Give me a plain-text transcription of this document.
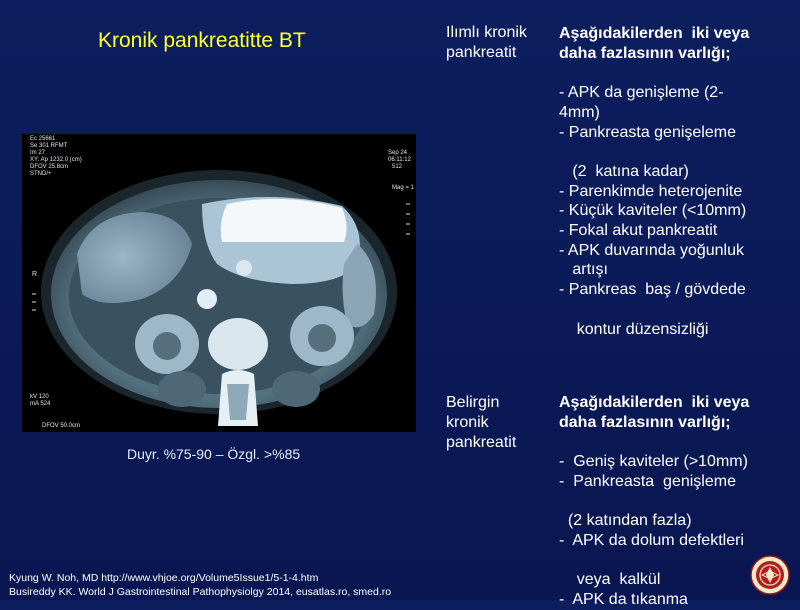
Kronik pankreatitte BT
Ec 25661
Se 301 RFMT
Im 27
XY: Ap 1232.0 (cm)
DFOV 25.8cm
STND/+
Sep 24
06:11:12
512
Mag = 1
R
kV 120
mA 524
DFOV 50.0cm
Duyr. %75-90 – Özgl. >%85
Ilımlı kronik
pankreatit
Aşağıdakilerden  iki veya
daha fazlasının varlığı;
- APK da genişleme (2-
4mm)
- Pankreasta genişeleme
(2  katına kadar)
- Parenkimde heterojenite
- Küçük kaviteler (<10mm)
- Fokal akut pankreatit
- APK duvarında yoğunluk
artışı
- Pankreas  baş / gövdede
kontur düzensizliği
Belirgin
kronik
pankreatit
Aşağıdakilerden  iki veya
daha fazlasının varlığı;
-  Geniş kaviteler (>10mm)
-  Pankreasta  genişleme
(2 katından fazla)
-  APK da dolum defektleri
veya  kalkül
-  APK da tıkanma
Kyung W. Noh, MD http://www.vhjoe.org/Volume5Issue1/5-1-4.htm
Busireddy KK. World J Gastrointestinal Pathophysiolgy 2014, eusatlas.ro, smed.ro
